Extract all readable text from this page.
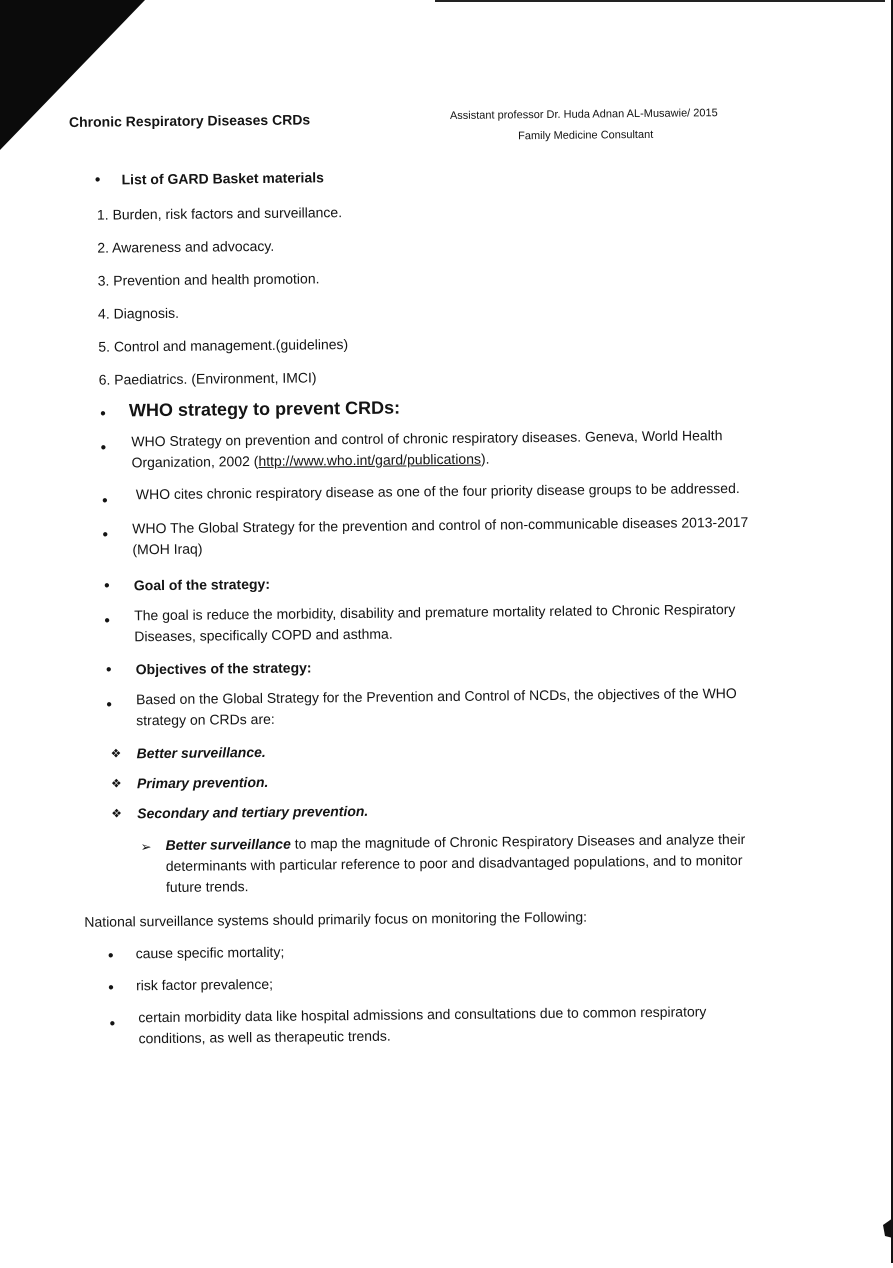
Chronic Respiratory Diseases CRDs	Assistant professor Dr. Huda Adnan AL-Musawie/ 2015
Family Medicine Consultant
• List of GARD Basket materials
1. Burden, risk factors and surveillance.
2. Awareness and advocacy.
3. Prevention and health promotion.
4. Diagnosis.
5. Control and management.(guidelines)
6. Paediatrics. (Environment, IMCI)
• WHO strategy to prevent CRDs:
• WHO Strategy on prevention and control of chronic respiratory diseases. Geneva, World Health
Organization, 2002 (http://www.who.int/gard/publications).
• WHO cites chronic respiratory disease as one of the four priority disease groups to be addressed.
• WHO The Global Strategy for the prevention and control of non-communicable diseases 2013-2017
(MOH Iraq)
• Goal of the strategy:
• The goal is reduce the morbidity, disability and premature mortality related to Chronic Respiratory
Diseases, specifically COPD and asthma.
• Objectives of the strategy:
• Based on the Global Strategy for the Prevention and Control of NCDs, the objectives of the WHO
strategy on CRDs are:
❖ Better surveillance.
❖ Primary prevention.
❖ Secondary and tertiary prevention.
➢ Better surveillance to map the magnitude of Chronic Respiratory Diseases and analyze their
determinants with particular reference to poor and disadvantaged populations, and to monitor
future trends.
National surveillance systems should primarily focus on monitoring the Following:
• cause specific mortality;
• risk factor prevalence;
• certain morbidity data like hospital admissions and consultations due to common respiratory
conditions, as well as therapeutic trends.
